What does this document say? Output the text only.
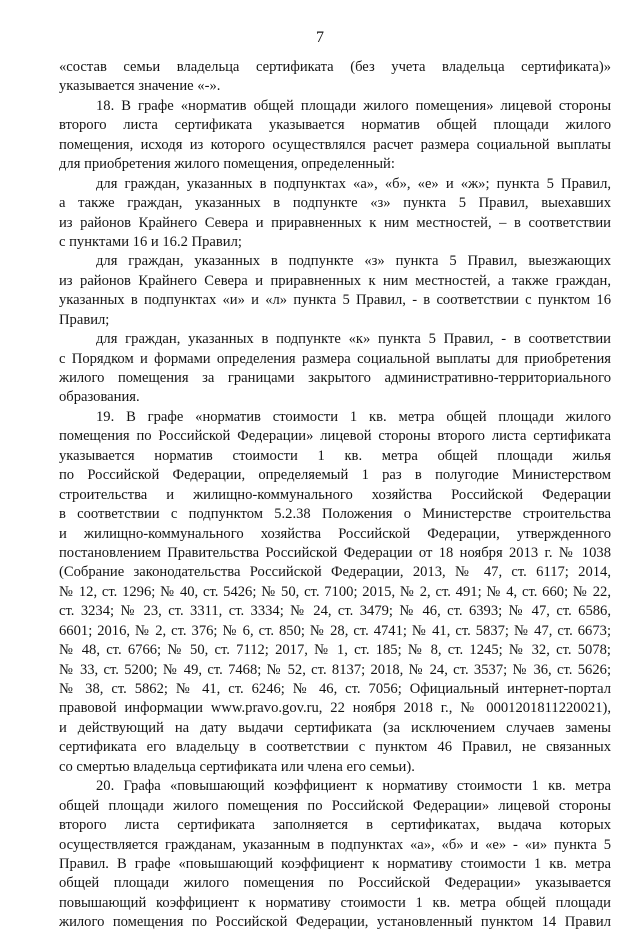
7
«состав семьи владельца сертификата (без учета владельца сертификата)»
указывается значение «-».
18. В графе «норматив общей площади жилого помещения» лицевой стороны
второго листа сертификата указывается норматив общей площади жилого
помещения, исходя из которого осуществлялся расчет размера социальной выплаты
для приобретения жилого помещения, определенный:
для граждан, указанных в подпунктах «а», «б», «е» и «ж»; пункта 5 Правил,
а также граждан, указанных в подпункте «з» пункта 5 Правил, выехавших
из районов Крайнего Севера и приравненных к ним местностей, – в соответствии
с пунктами 16 и 16.2 Правил;
для граждан, указанных в подпункте «з» пункта 5 Правил, выезжающих
из районов Крайнего Севера и приравненных к ним местностей, а также граждан,
указанных в подпунктах «и» и «л» пункта 5 Правил, - в соответствии с пунктом 16
Правил;
для граждан, указанных в подпункте «к» пункта 5 Правил, - в соответствии
с Порядком и формами определения размера социальной выплаты для приобретения
жилого помещения за границами закрытого административно-территориального
образования.
19. В графе «норматив стоимости 1 кв. метра общей площади жилого
помещения по Российской Федерации» лицевой стороны второго листа сертификата
указывается норматив стоимости 1 кв. метра общей площади жилья
по Российской Федерации, определяемый 1 раз в полугодие Министерством
строительства и жилищно-коммунального хозяйства Российской Федерации
в соответствии с подпунктом 5.2.38 Положения о Министерстве строительства
и жилищно-коммунального хозяйства Российской Федерации, утвержденного
постановлением Правительства Российской Федерации от 18 ноября 2013 г. № 1038
(Собрание законодательства Российской Федерации, 2013, № 47, ст. 6117; 2014,
№ 12, ст. 1296; № 40, ст. 5426; № 50, ст. 7100; 2015, № 2, ст. 491; № 4, ст. 660; № 22,
ст. 3234; № 23, ст. 3311, ст. 3334; № 24, ст. 3479; № 46, ст. 6393; № 47, ст. 6586,
6601; 2016, № 2, ст. 376; № 6, ст. 850; № 28, ст. 4741; № 41, ст. 5837; № 47, ст. 6673;
№ 48, ст. 6766; № 50, ст. 7112; 2017, № 1, ст. 185; № 8, ст. 1245; № 32, ст. 5078;
№ 33, ст. 5200; № 49, ст. 7468; № 52, ст. 8137; 2018, № 24, ст. 3537; № 36, ст. 5626;
№ 38, ст. 5862; № 41, ст. 6246; № 46, ст. 7056; Официальный интернет-портал
правовой информации www.pravo.gov.ru, 22 ноября 2018 г., № 0001201811220021),
и действующий на дату выдачи сертификата (за исключением случаев замены
сертификата его владельцу в соответствии с пунктом 46 Правил, не связанных
со смертью владельца сертификата или члена его семьи).
20. Графа «повышающий коэффициент к нормативу стоимости 1 кв. метра
общей площади жилого помещения по Российской Федерации» лицевой стороны
второго листа сертификата заполняется в сертификатах, выдача которых
осуществляется гражданам, указанным в подпунктах «а», «б» и «е» - «и» пункта 5
Правил. В графе «повышающий коэффициент к нормативу стоимости 1 кв. метра
общей площади жилого помещения по Российской Федерации» указывается
повышающий коэффициент к нормативу стоимости 1 кв. метра общей площади
жилого помещения по Российской Федерации, установленный пунктом 14 Правил
